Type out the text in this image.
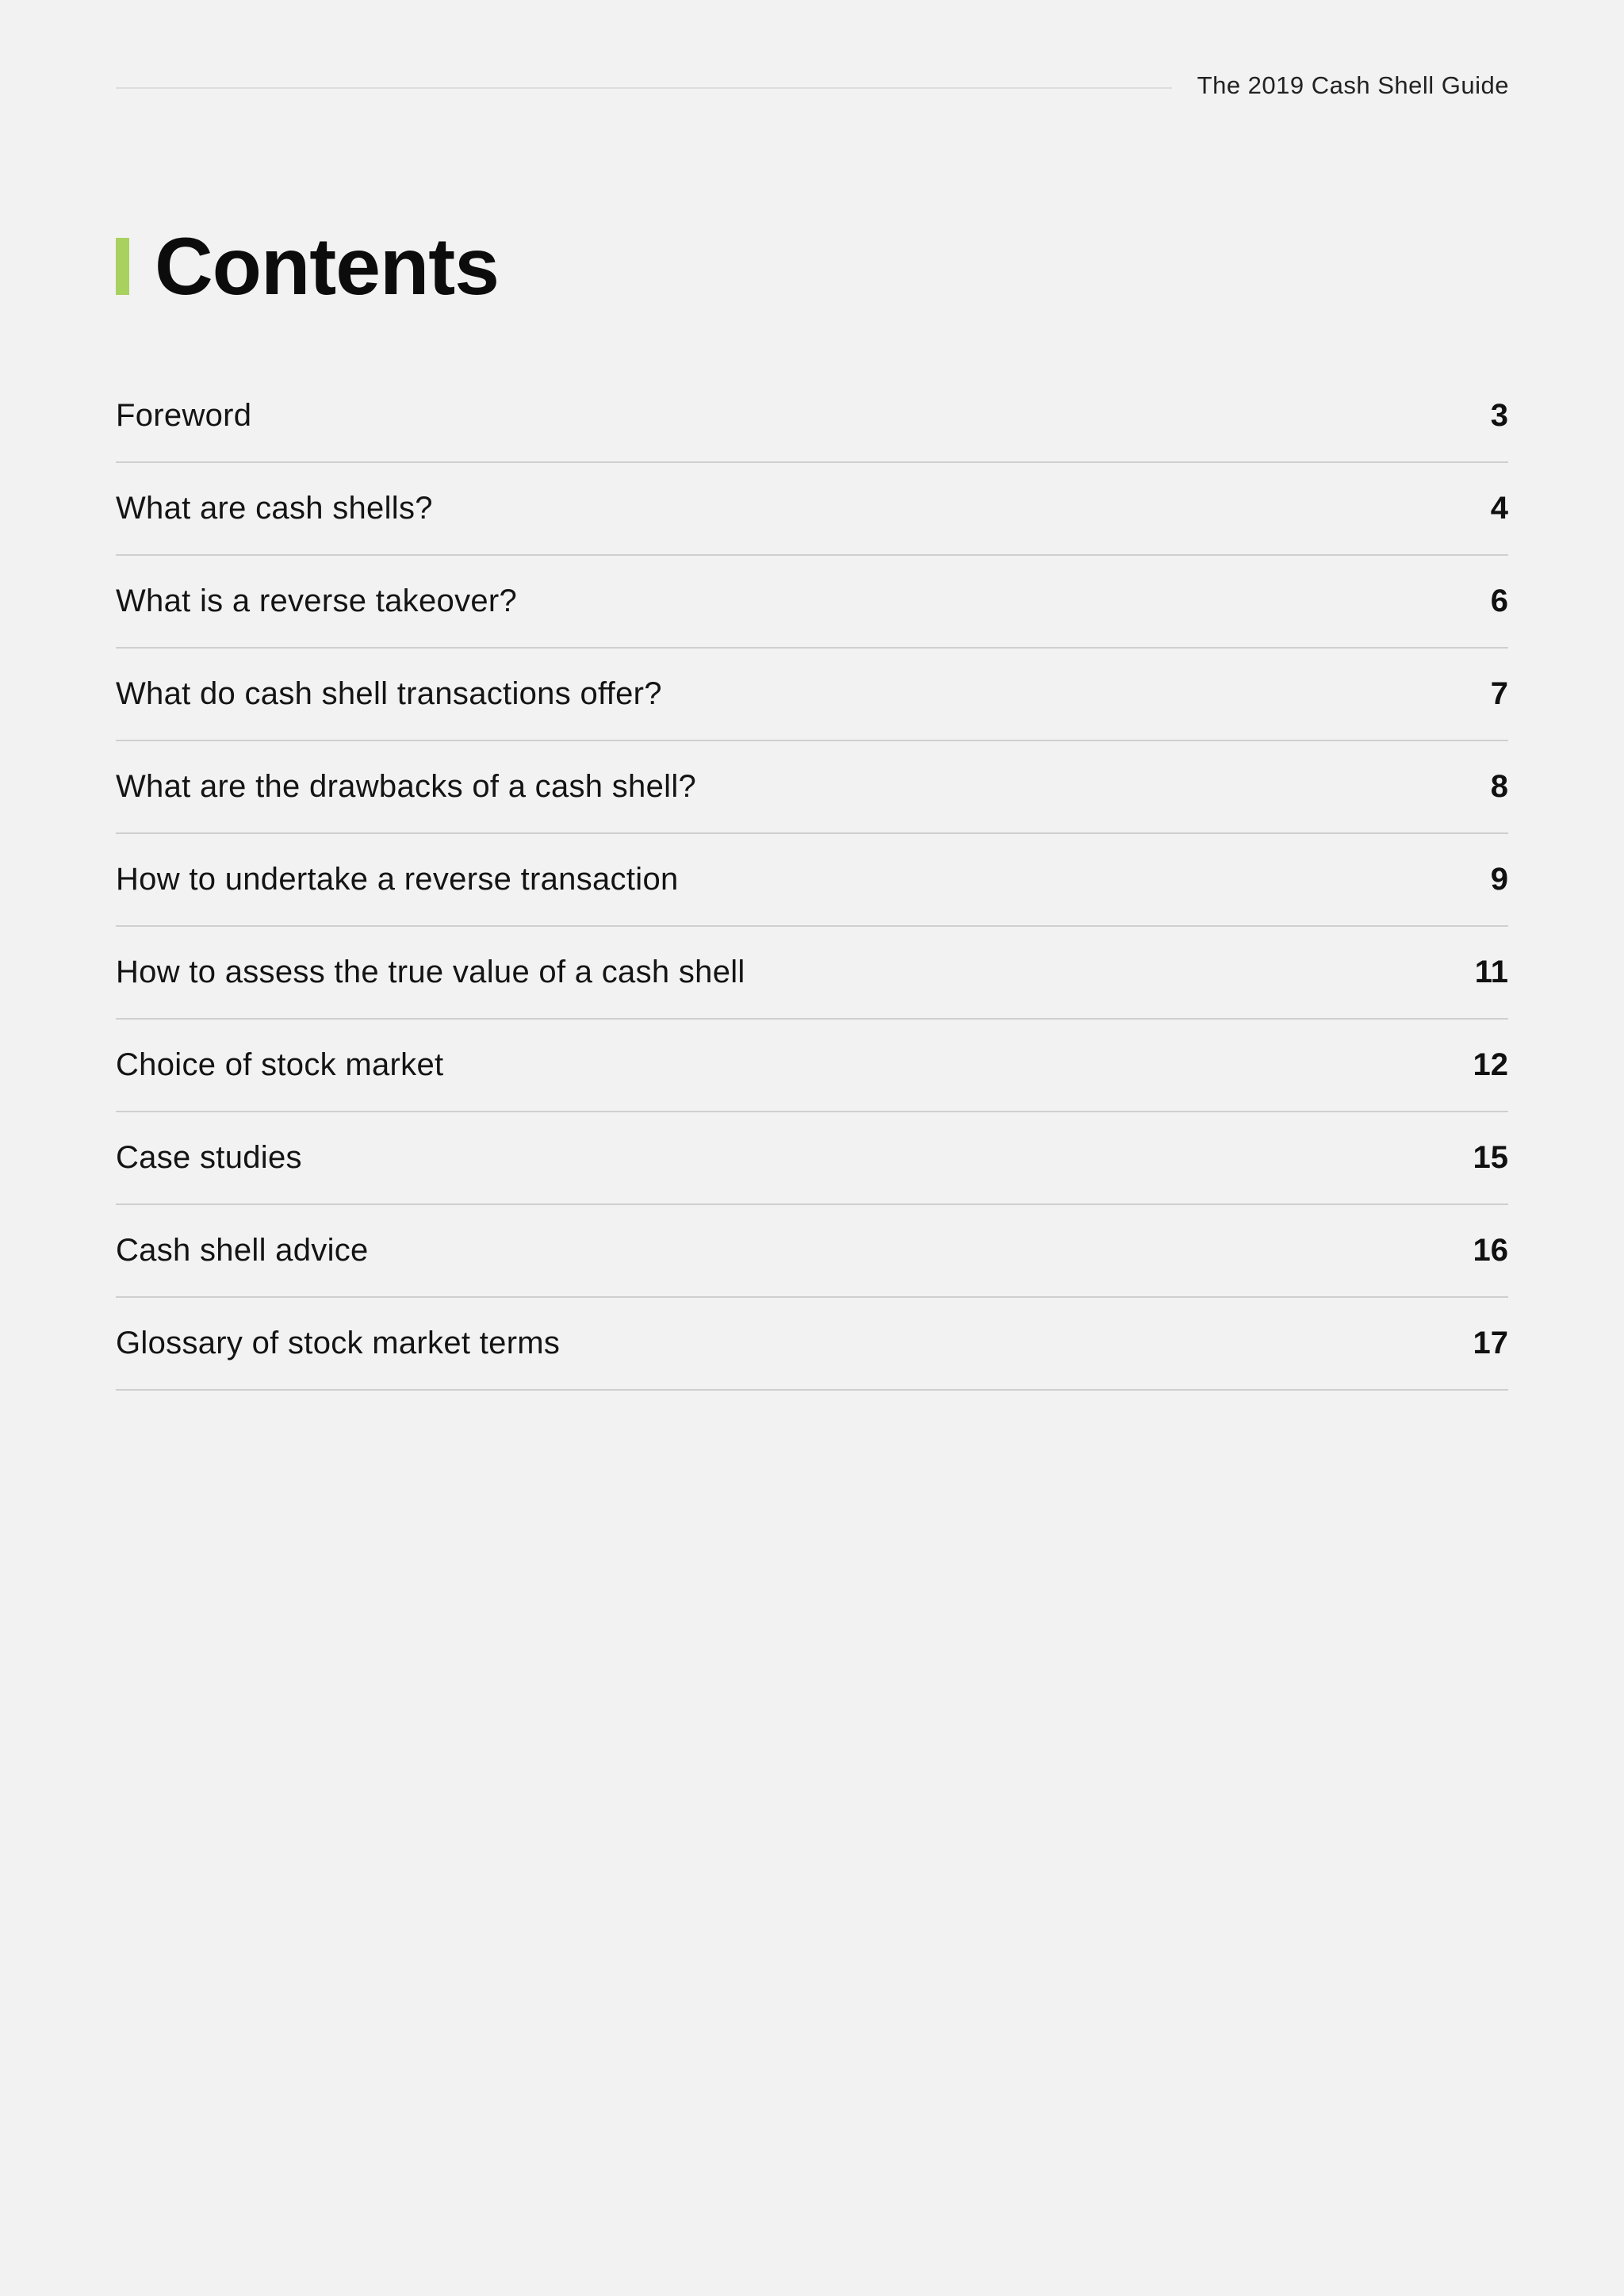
The 2019 Cash Shell Guide
Contents
Foreword	3
What are cash shells?	4
What is a reverse takeover?	6
What do cash shell transactions offer?	7
What are the drawbacks of a cash shell?	8
How to undertake a reverse transaction	9
How to assess the true value of a cash shell	11
Choice of stock market	12
Case studies	15
Cash shell advice	16
Glossary of stock market terms	17
